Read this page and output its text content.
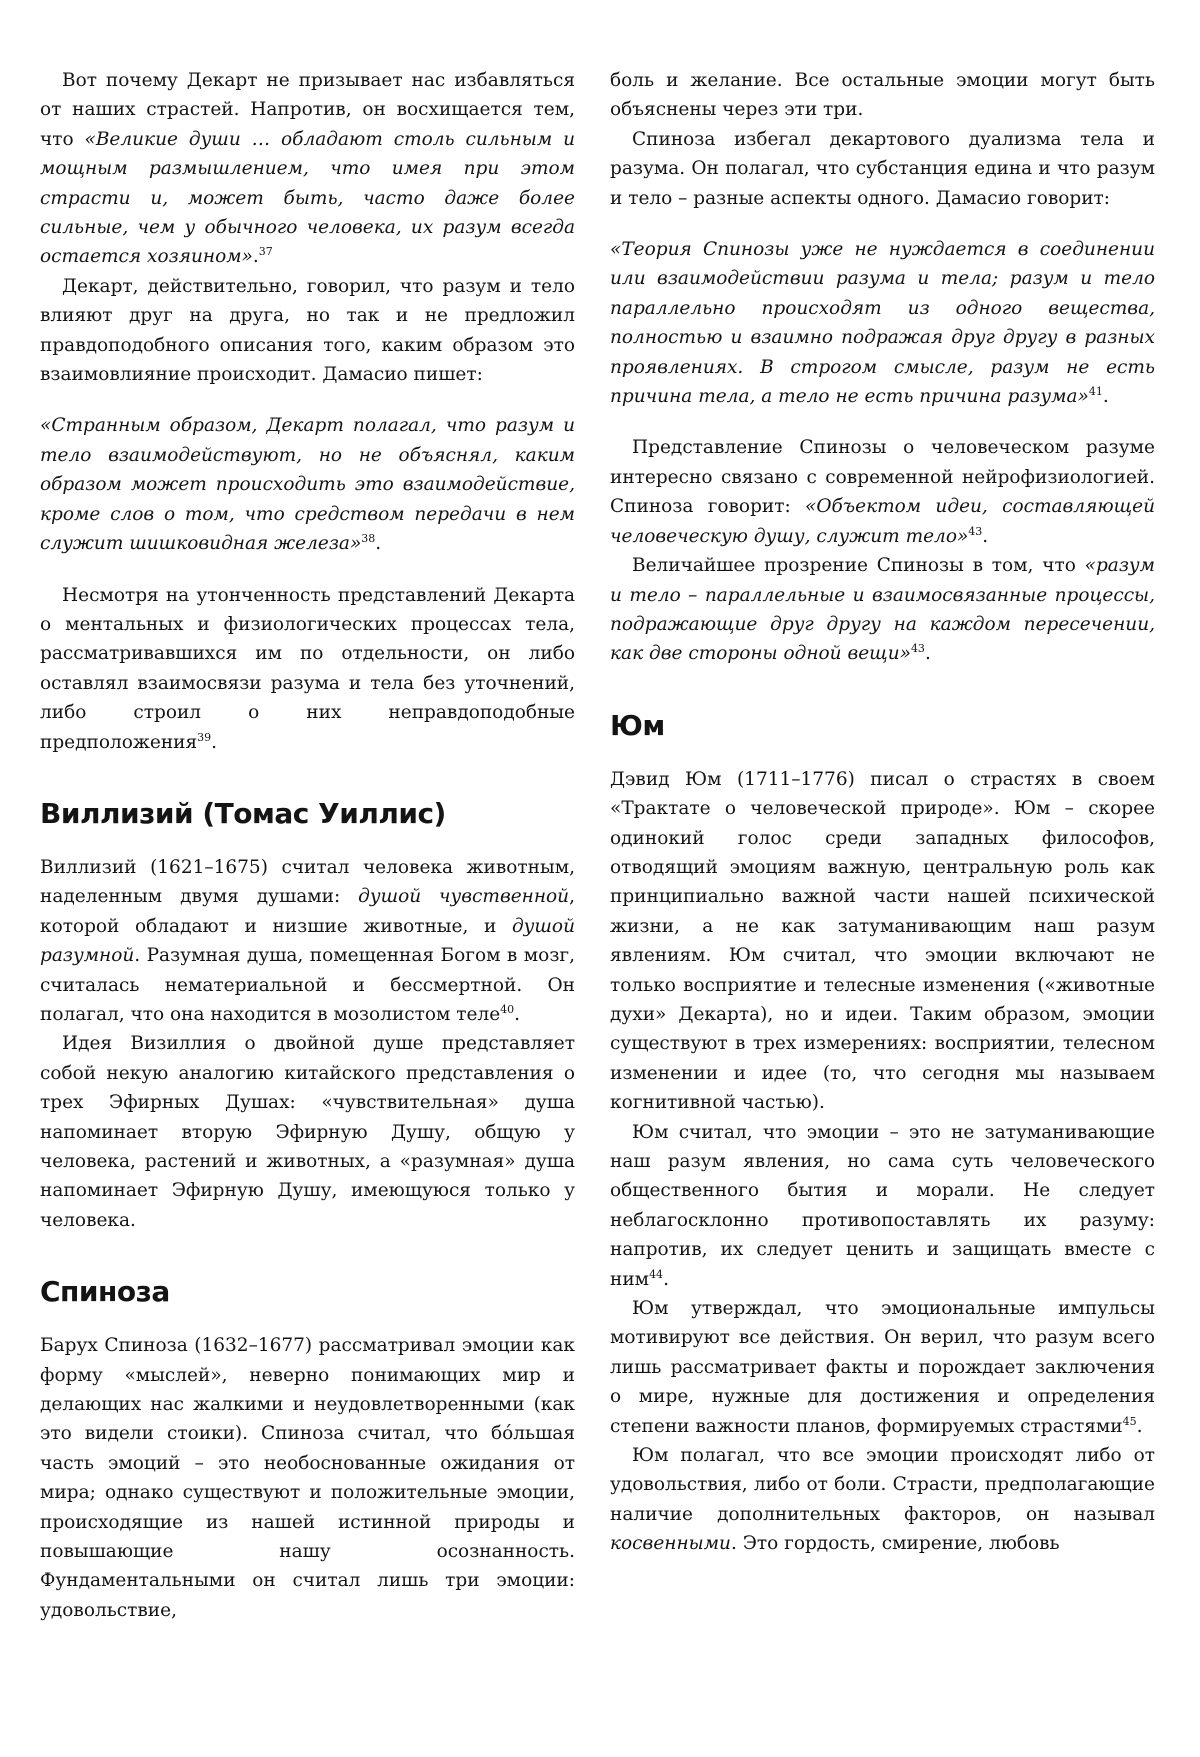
Вот почему Декарт не призывает нас избавляться от наших страстей. Напротив, он восхищается тем, что «Великие души … обладают столь сильным и мощным размышлением, что имея при этом страсти и, может быть, часто даже более сильные, чем у обычного человека, их разум всегда остается хозяином».$^{37}$

Декарт, действительно, говорил, что разум и тело влияют друг на друга, но так и не предложил правдоподобного описания того, каким образом это взаимовлияние происходит. Дамасио пишет:

«Странным образом, Декарт полагал, что разум и тело взаимодействуют, но не объяснял, каким образом может происходить это взаимодействие, кроме слов о том, что средством передачи в нем служит шишковидная железа»$^{38}$.

Несмотря на утонченность представлений Декарта о ментальных и физиологических процессах тела, рассматривавшихся им по отдельности, он либо оставлял взаимосвязи разума и тела без уточнений, либо строил о них неправдоподобные предположения$^{39}$.

Виллизий (Томас Уиллис)

Виллизий (1621–1675) считал человека животным, наделенным двумя душами: душой чувственной, которой обладают и низшие животные, и душой разумной. Разумная душа, помещенная Богом в мозг, считалась нематериальной и бессмертной. Он полагал, что она находится в мозолистом теле$^{40}$.

Идея Визиллия о двойной душе представляет собой некую аналогию китайского представления о трех Эфирных Душах: «чувствительная» душа напоминает вторую Эфирную Душу, общую у человека, растений и животных, а «разумная» душа напоминает Эфирную Душу, имеющуюся только у человека.

Спиноза

Барух Спиноза (1632–1677) рассматривал эмоции как форму «мыслей», неверно понимающих мир и делающих нас жалкими и неудовлетворенными (как это видели стоики). Спиноза считал, что бóльшая часть эмоций – это необоснованные ожидания от мира; однако существуют и положительные эмоции, происходящие из нашей истинной природы и повышающие нашу осознанность. Фундаментальными он считал лишь три эмоции: удовольствие,

боль и желание. Все остальные эмоции могут быть объяснены через эти три.

Спиноза избегал декартового дуализма тела и разума. Он полагал, что субстанция едина и что разум и тело – разные аспекты одного. Дамасио говорит:

«Теория Спинозы уже не нуждается в соединении или взаимодействии разума и тела; разум и тело параллельно происходят из одного вещества, полностью и взаимно подражая друг другу в разных проявлениях. В строгом смысле, разум не есть причина тела, а тело не есть причина разума»$^{41}$.

Представление Спинозы о человеческом разуме интересно связано с современной нейрофизиологией. Спиноза говорит: «Объектом идеи, составляющей человеческую душу, служит тело»$^{43}$.

Величайшее прозрение Спинозы в том, что «разум и тело – параллельные и взаимосвязанные процессы, подражающие друг другу на каждом пересечении, как две стороны одной вещи»$^{43}$.

Юм

Дэвид Юм (1711–1776) писал о страстях в своем «Трактате о человеческой природе». Юм – скорее одинокий голос среди западных философов, отводящий эмоциям важную, центральную роль как принципиально важной части нашей психической жизни, а не как затуманивающим наш разум явлениям. Юм считал, что эмоции включают не только восприятие и телесные изменения («животные духи» Декарта), но и идеи. Таким образом, эмоции существуют в трех измерениях: восприятии, телесном изменении и идее (то, что сегодня мы называем когнитивной частью).

Юм считал, что эмоции – это не затуманивающие наш разум явления, но сама суть человеческого общественного бытия и морали. Не следует неблагосклонно противопоставлять их разуму: напротив, их следует ценить и защищать вместе с ним$^{44}$.

Юм утверждал, что эмоциональные импульсы мотивируют все действия. Он верил, что разум всего лишь рассматривает факты и порождает заключения о мире, нужные для достижения и определения степени важности планов, формируемых страстями$^{45}$.

Юм полагал, что все эмоции происходят либо от удовольствия, либо от боли. Страсти, предполагающие наличие дополнительных факторов, он называл косвенными. Это гордость, смирение, любовь
